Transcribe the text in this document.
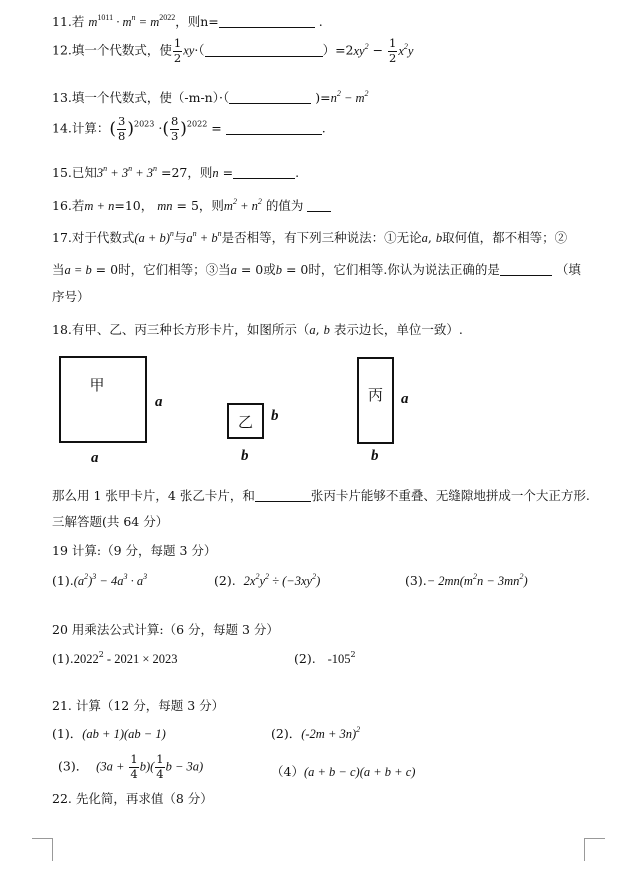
11.若 $m^{1011} \cdot m^n = m^{2022}$，则n=	.
12.填一个代数式，使 $\frac{1}{2} xy\cdot$（	）$=2xy^2 - \frac{1}{2} x^2y$
13.填一个代数式，使（-m-n）·（	)$=n^2 - m^2$
14.计算：( $\frac{3}{8} )^{2023}$ ·( $\frac{8}{3} )^{2022}$ =	.
15.已知$3^n + 3^n + 3^n =27$，则n =	.
16.若m + n=10， mn = 5，则$m^2 + n^2$ 的值为
17.对于代数式$(a + b)^n$与$a^n + b^n$是否相等，有下列三种说法：①无论a, b取何值，都不相等；②
当a = b = 0时，它们相等；③当a = 0或b = 0时，它们相等.你认为说法正确的是	（填
序号）
18.有甲、乙、丙三种长方形卡片，如图所示（a, b 表示边长，单位一致）.
甲
a
a
乙 b
b
丙 a
b
那么用 1 张甲卡片，4 张乙卡片，和	张丙卡片能够不重叠、无缝隙地拼成一个大正方形.
三解答题(共 64 分）
19 计算:（9 分，每题 3 分）
$(1).(a^2)^3 - 4a^3 \cdot a^3$	(2). $2x^2y^2 \div (-3xy^2)$	$(3).- 2mn(m^2n - 3mn^2)$
20 用乘法公式计算:（6 分，每题 3 分）
(1).2022$^2$ - 2021 × 2023	(2). $-105^2$
21. 计算（12 分，每题 3 分）
(1)．(ab + 1)(ab − 1)	(2)．$(-2m + 3n)^2$
(3)． $(3a + \frac{1}{4} b)( \frac{1}{4}$ b − 3a)	（4）(a + b − c)(a + b + c)
22. 先化简，再求值（8 分）
